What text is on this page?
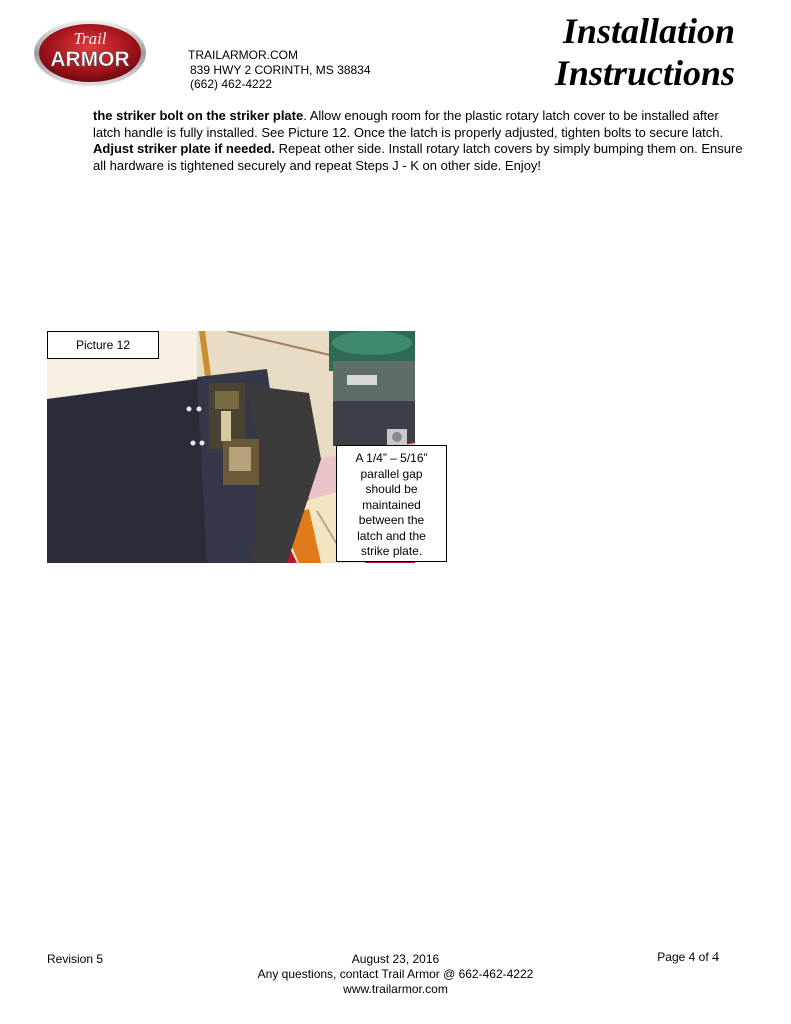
Trail
ARMOR	TRAILARMOR.COM
839 HWY 2 CORINTH, MS 38834
(662) 462-4222
Installation
Instructions
the striker bolt on the striker plate. Allow enough room for the plastic rotary latch cover to be installed after latch handle is fully installed. See Picture 12. Once the latch is properly adjusted, tighten bolts to secure latch. Adjust striker plate if needed. Repeat other side. Install rotary latch covers by simply bumping them on. Ensure all hardware is tightened securely and repeat Steps J - K on other side. Enjoy!
Picture 12
A 1/4” – 5/16”
parallel gap
should be
maintained
between the
latch and the
strike plate.
Revision 5	August 23, 2016
Any questions, contact Trail Armor @ 662-462-4222
www.trailarmor.com
Page 4 of 4
